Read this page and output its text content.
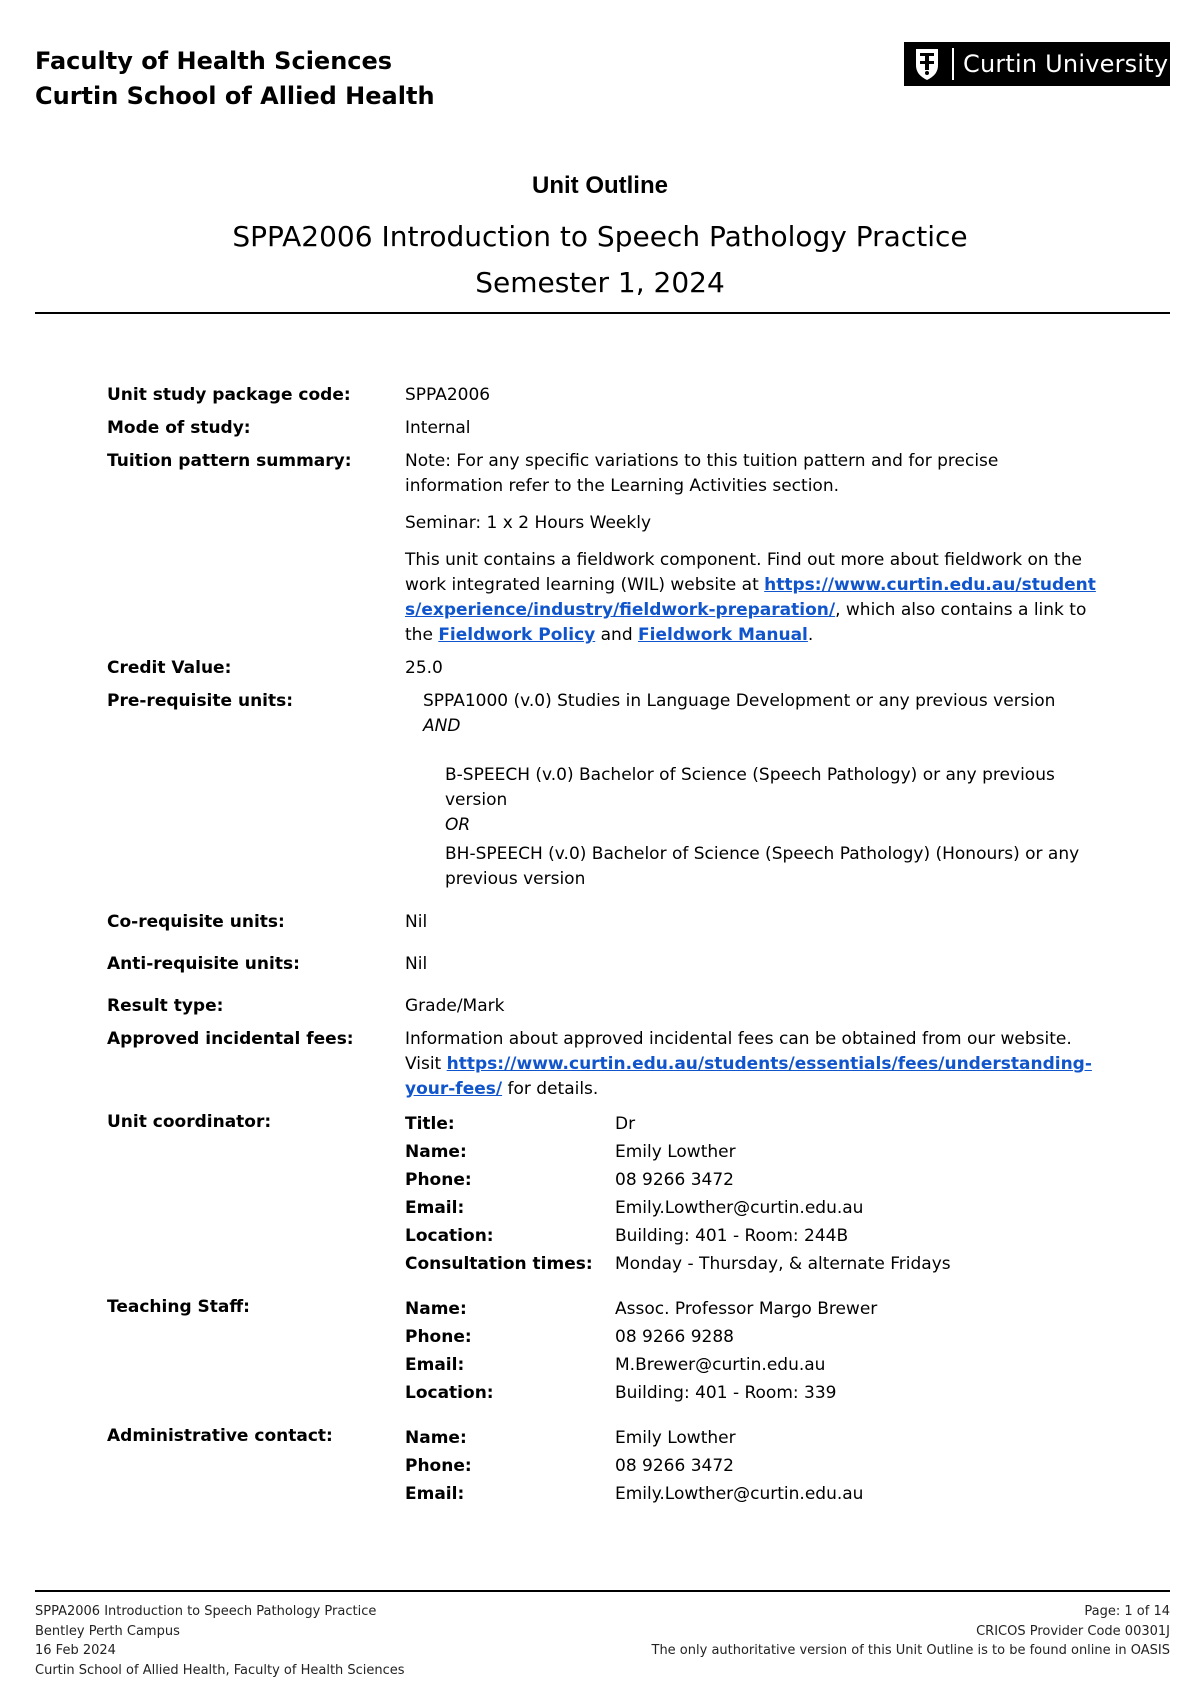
Faculty of Health Sciences
Curtin School of Allied Health
Curtin University
Unit Outline
SPPA2006 Introduction to Speech Pathology Practice
Semester 1, 2024
Unit study package code:	SPPA2006
Mode of study:	Internal
Tuition pattern summary:	Note: For any specific variations to this tuition pattern and for precise information refer to the Learning Activities section.

Seminar: 1 x 2 Hours Weekly

This unit contains a fieldwork component. Find out more about fieldwork on the work integrated learning (WIL) website at https://www.curtin.edu.au/students/experience/industry/fieldwork-preparation/, which also contains a link to the Fieldwork Policy and Fieldwork Manual.

Credit Value:	25.0
Pre-requisite units:	SPPA1000 (v.0) Studies in Language Development or any previous version
AND
B-SPEECH (v.0) Bachelor of Science (Speech Pathology) or any previous version
OR
BH-SPEECH (v.0) Bachelor of Science (Speech Pathology) (Honours) or any previous version
Co-requisite units:	Nil
Anti-requisite units:	Nil
Result type:	Grade/Mark
Approved incidental fees:	Information about approved incidental fees can be obtained from our website. Visit https://www.curtin.edu.au/students/essentials/fees/understanding-your-fees/ for details.
Unit coordinator:	Title:	Dr
Name:	Emily Lowther
Phone:	08 9266 3472
Email:	Emily.Lowther@curtin.edu.au
Location:	Building: 401 - Room: 244B
Consultation times:	Monday - Thursday, & alternate Fridays
Teaching Staff:	Name:	Assoc. Professor Margo Brewer
Phone:	08 9266 9288
Email:	M.Brewer@curtin.edu.au
Location:	Building: 401 - Room: 339
Administrative contact:	Name:	Emily Lowther
Phone:	08 9266 3472
Email:	Emily.Lowther@curtin.edu.au
SPPA2006 Introduction to Speech Pathology Practice
Bentley Perth Campus
16 Feb 2024
Curtin School of Allied Health, Faculty of Health Sciences
Page: 1 of 14
CRICOS Provider Code 00301J
The only authoritative version of this Unit Outline is to be found online in OASIS
